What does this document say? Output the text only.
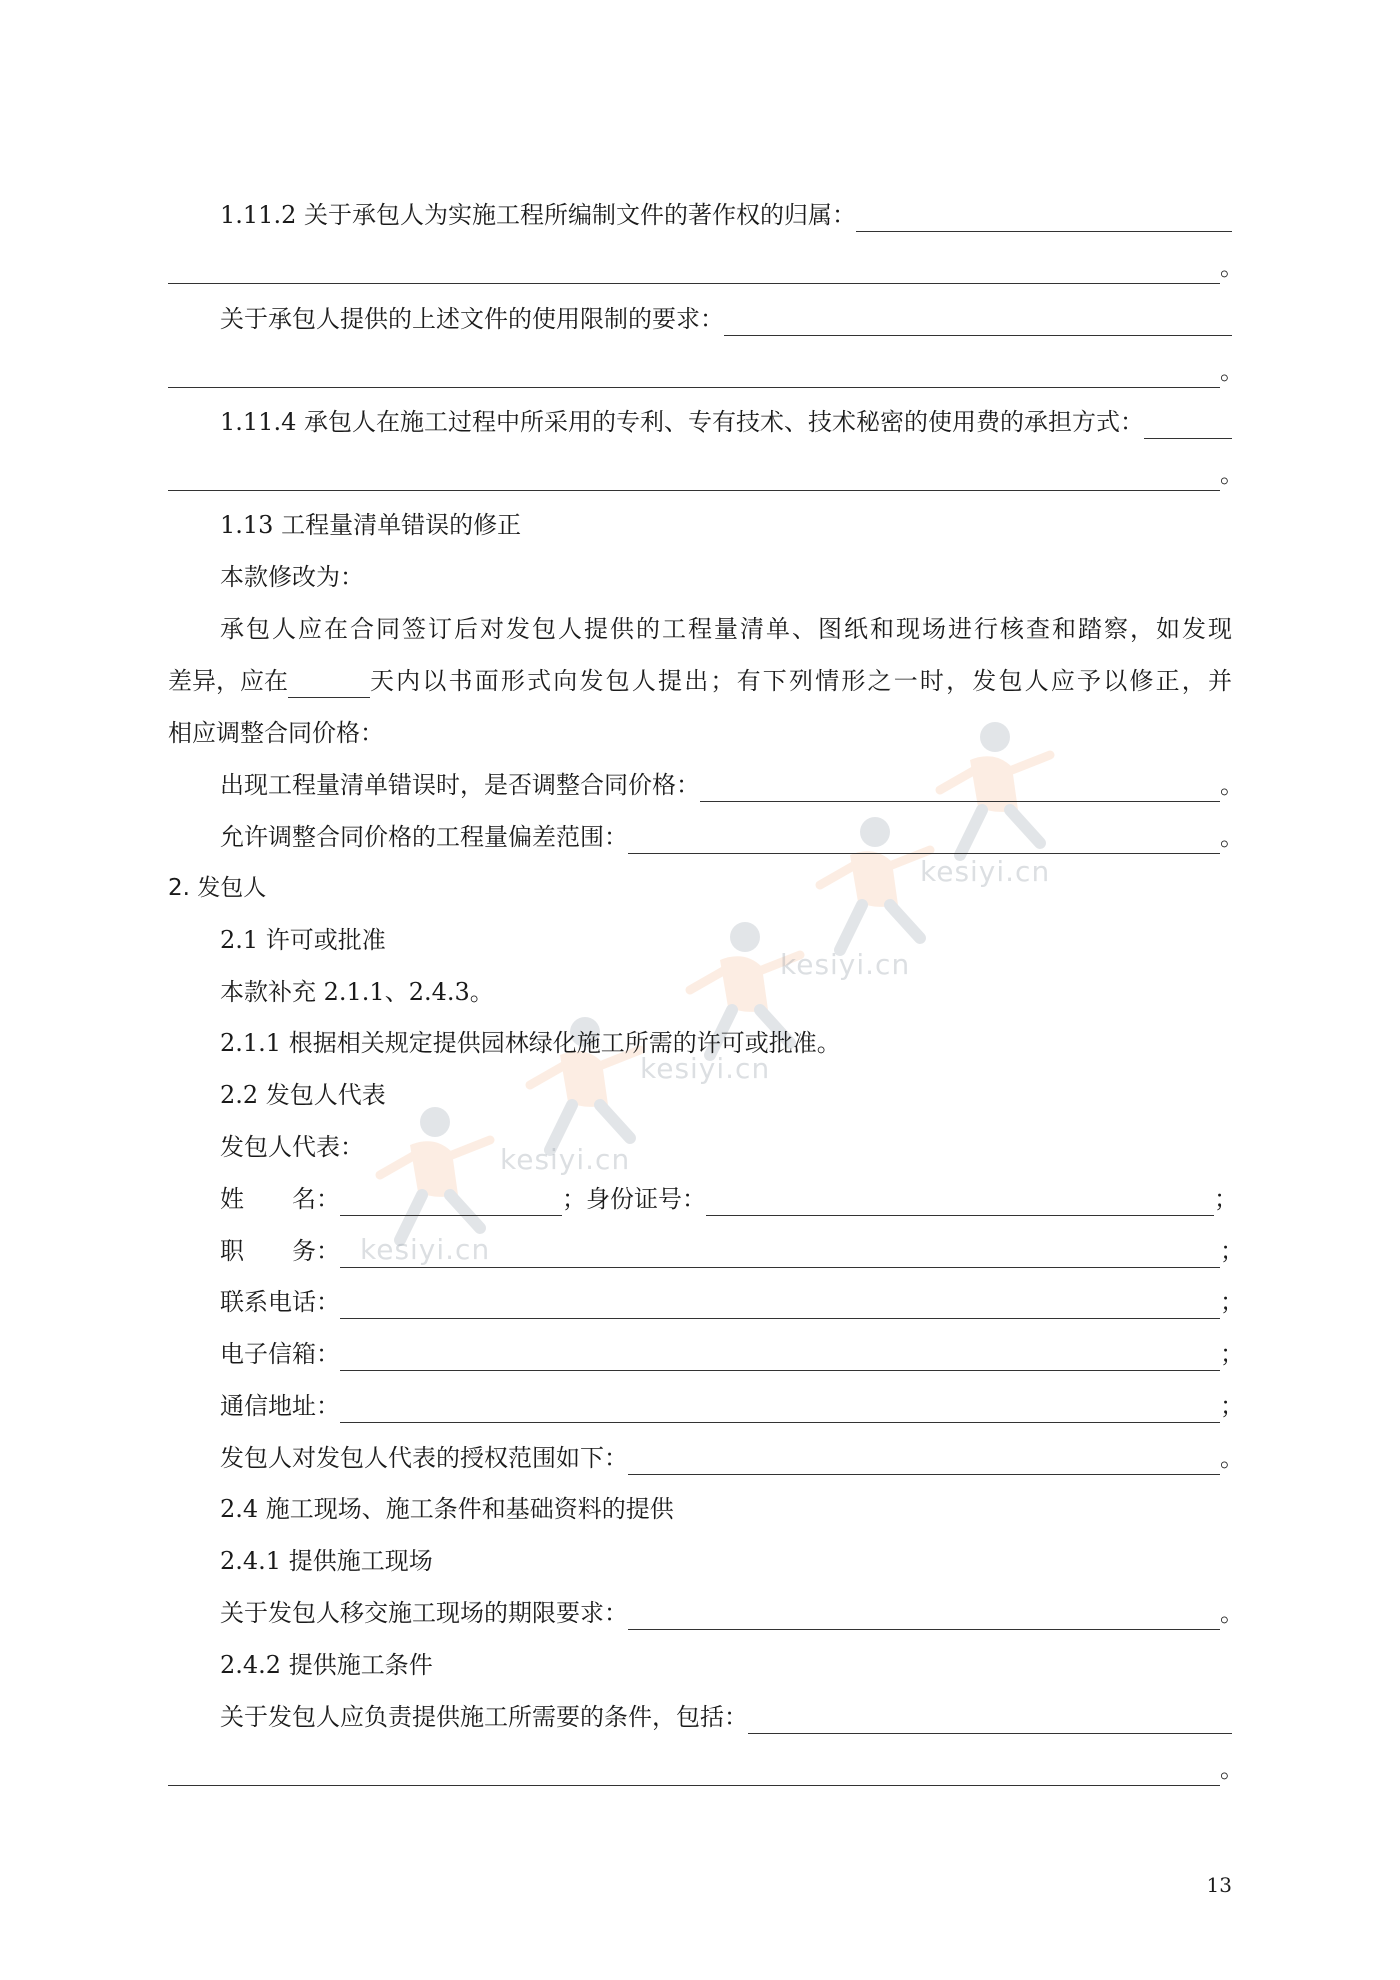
kesiyi.cn
kesiyi.cn
kesiyi.cn
kesiyi.cn
kesiyi.cn
1.11.2 关于承包人为实施工程所编制文件的著作权的归属：
。
关于承包人提供的上述文件的使用限制的要求：
。
1.11.4 承包人在施工过程中所采用的专利、专有技术、技术秘密的使用费的承担方式：
。
1.13 工程量清单错误的修正
本款修改为：
承包人应在合同签订后对发包人提供的工程量清单、图纸和现场进行核查和踏察，如发现
差异，应在	天内以书面形式向发包人提出；有下列情形之一时，发包人应予以修正，并
相应调整合同价格：
出现工程量清单错误时，是否调整合同价格：	。
允许调整合同价格的工程量偏差范围：	。
2. 发包人
2.1 许可或批准
本款补充 2.1.1、2.4.3。
2.1.1 根据相关规定提供园林绿化施工所需的许可或批准。
2.2 发包人代表
发包人代表：
姓　　名：	；身份证号：	；
职　　务：	；
联系电话：	；
电子信箱：	；
通信地址：	；
发包人对发包人代表的授权范围如下：	。
2.4 施工现场、施工条件和基础资料的提供
2.4.1 提供施工现场
关于发包人移交施工现场的期限要求：	。
2.4.2 提供施工条件
关于发包人应负责提供施工所需要的条件，包括：
。
13
